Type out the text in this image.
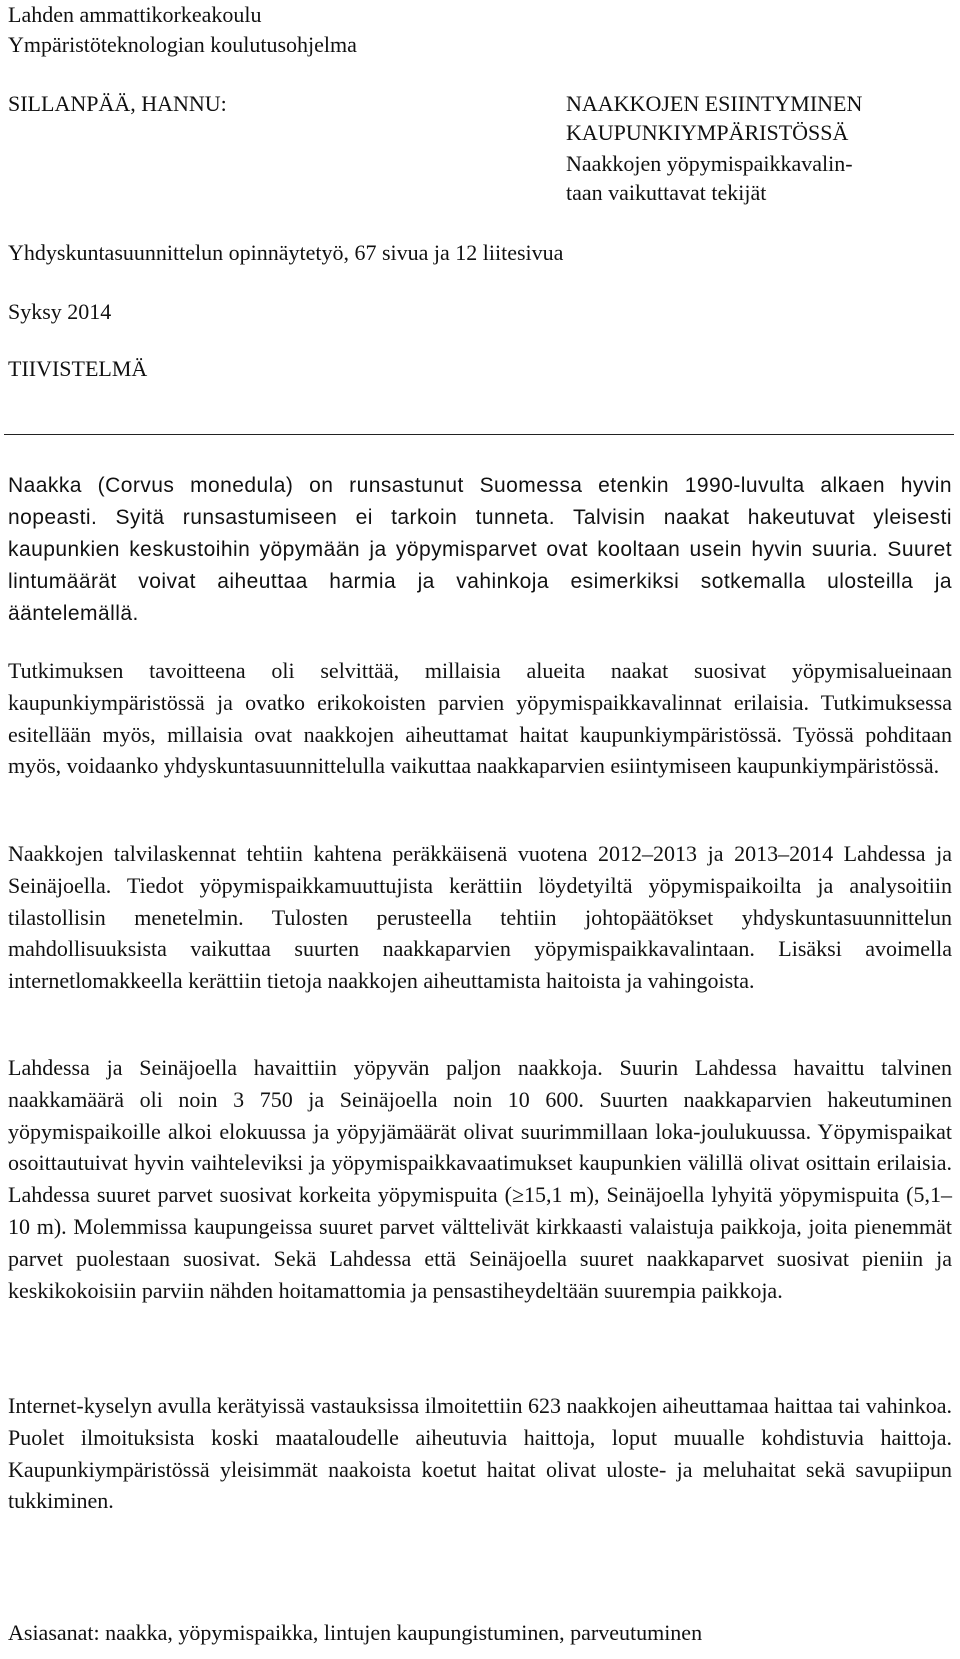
Lahden ammattikorkeakoulu
Ympäristöteknologian koulutusohjelma
SILLANPÄÄ, HANNU:	NAAKKOJEN ESIINTYMINEN
KAUPUNKIYMPÄRISTÖSSÄ
Naakkojen yöpymispaikkavalin-
taan vaikuttavat tekijät
Yhdyskuntasuunnittelun opinnäytetyö, 67 sivua ja 12 liitesivua
Syksy 2014
TIIVISTELMÄ

Naakka (Corvus monedula) on runsastunut Suomessa etenkin 1990-luvulta alkaen hyvin nopeasti. Syitä runsastumiseen ei tarkoin tunneta. Talvisin naakat hakeutuvat yleisesti kaupunkien keskustoihin yöpymään ja yöpymisparvet ovat kooltaan usein hyvin suuria. Suuret lintumäärät voivat aiheuttaa harmia ja vahinkoja esimerkiksi sotkemalla ulosteilla ja ääntelemällä.

Tutkimuksen tavoitteena oli selvittää, millaisia alueita naakat suosivat yöpymisalueinaan kaupunkiympäristössä ja ovatko erikokoisten parvien yöpymispaikkavalinnat erilaisia. Tutkimuksessa esitellään myös, millaisia ovat naakkojen aiheuttamat haitat kaupunkiympäristössä. Työssä pohditaan myös, voidaanko yhdyskuntasuunnittelulla vaikuttaa naakkaparvien esiintymiseen kaupunkiympäristössä.

Naakkojen talvilaskennat tehtiin kahtena peräkkäisenä vuotena 2012–2013 ja 2013–2014 Lahdessa ja Seinäjoella. Tiedot yöpymispaikkamuuttujista kerättiin löydetyiltä yöpymispaikoilta ja analysoitiin tilastollisin menetelmin. Tulosten perusteella tehtiin johtopäätökset yhdyskuntasuunnittelun mahdollisuuksista vaikuttaa suurten naakkaparvien yöpymispaikkavalintaan. Lisäksi avoimella internetlomakkeella kerättiin tietoja naakkojen aiheuttamista haitoista ja vahingoista.

Lahdessa ja Seinäjoella havaittiin yöpyvän paljon naakkoja. Suurin Lahdessa havaittu talvinen naakkamäärä oli noin 3 750 ja Seinäjoella noin 10 600. Suurten naakkaparvien hakeutuminen yöpymispaikoille alkoi elokuussa ja yöpyjämäärät olivat suurimmillaan loka-joulukuussa. Yöpymispaikat osoittautuivat hyvin vaihteleviksi ja yöpymispaikkavaatimukset kaupunkien välillä olivat osittain erilaisia. Lahdessa suuret parvet suosivat korkeita yöpymispuita (≥15,1 m), Seinäjoella lyhyitä yöpymispuita (5,1–10 m). Molemmissa kaupungeissa suuret parvet välttelivät kirkkaasti valaistuja paikkoja, joita pienemmät parvet puolestaan suosivat. Sekä Lahdessa että Seinäjoella suuret naakkaparvet suosivat pieniin ja keskikokoisiin parviin nähden hoitamattomia ja pensastiheydeltään suurempia paikkoja.

Internet-kyselyn avulla kerätyissä vastauksissa ilmoitettiin 623 naakkojen aiheuttamaa haittaa tai vahinkoa. Puolet ilmoituksista koski maataloudelle aiheutuvia haittoja, loput muualle kohdistuvia haittoja. Kaupunkiympäristössä yleisimmät naakoista koetut haitat olivat uloste- ja meluhaitat sekä savupiipun tukkiminen.

Asiasanat: naakka, yöpymispaikka, lintujen kaupungistuminen, parveutuminen
